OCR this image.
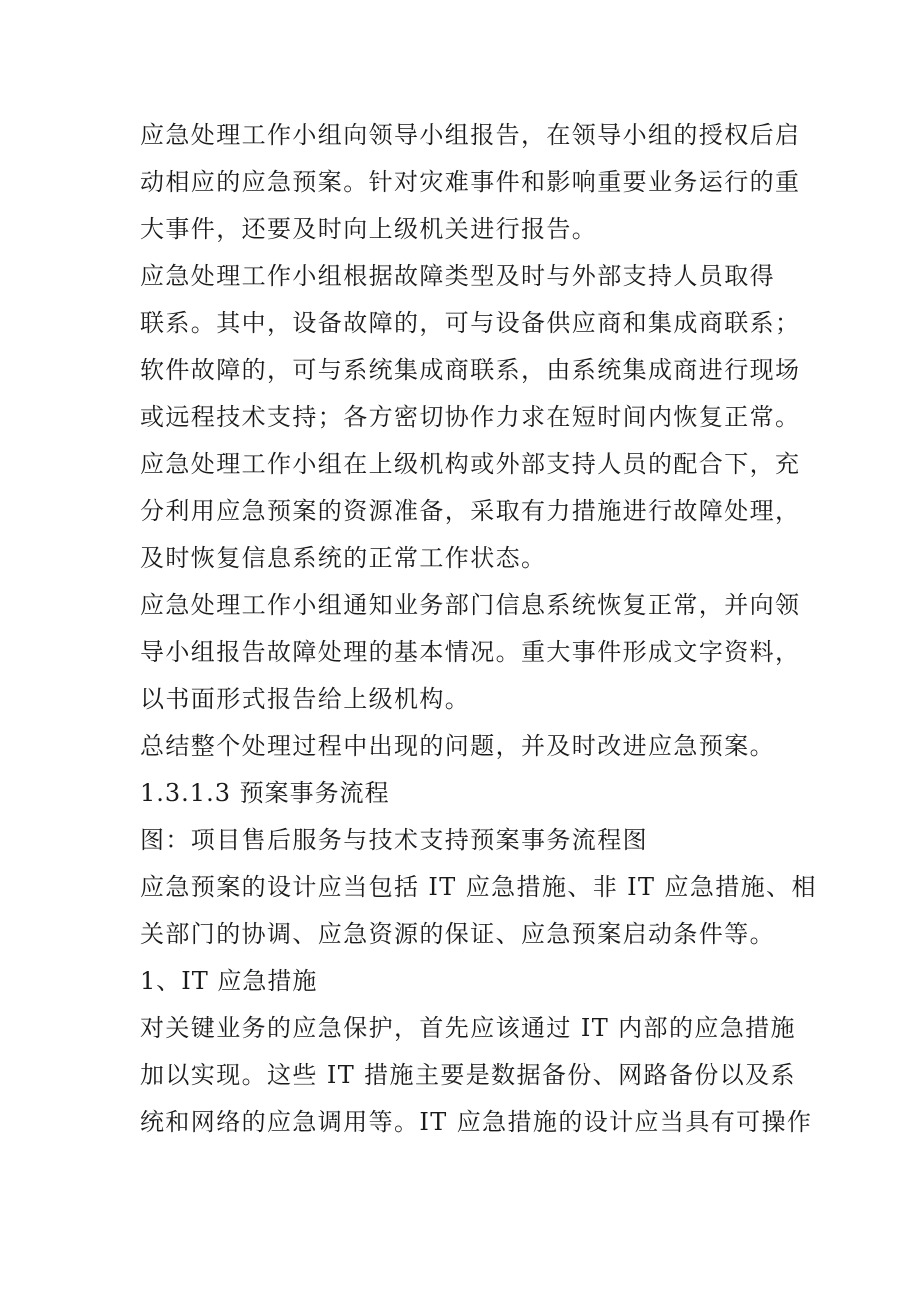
应急处理工作小组向领导小组报告，在领导小组的授权后启
动相应的应急预案。针对灾难事件和影响重要业务运行的重
大事件，还要及时向上级机关进行报告。
应急处理工作小组根据故障类型及时与外部支持人员取得
联系。其中，设备故障的，可与设备供应商和集成商联系；
软件故障的，可与系统集成商联系，由系统集成商进行现场
或远程技术支持；各方密切协作力求在短时间内恢复正常。
应急处理工作小组在上级机构或外部支持人员的配合下，充
分利用应急预案的资源准备，采取有力措施进行故障处理，
及时恢复信息系统的正常工作状态。
应急处理工作小组通知业务部门信息系统恢复正常，并向领
导小组报告故障处理的基本情况。重大事件形成文字资料，
以书面形式报告给上级机构。
总结整个处理过程中出现的问题，并及时改进应急预案。
1.3.1.3 预案事务流程
图：项目售后服务与技术支持预案事务流程图
应急预案的设计应当包括 IT 应急措施、非 IT 应急措施、相
关部门的协调、应急资源的保证、应急预案启动条件等。
1、IT 应急措施
对关键业务的应急保护，首先应该通过 IT 内部的应急措施
加以实现。这些 IT 措施主要是数据备份、网路备份以及系
统和网络的应急调用等。IT 应急措施的设计应当具有可操作
